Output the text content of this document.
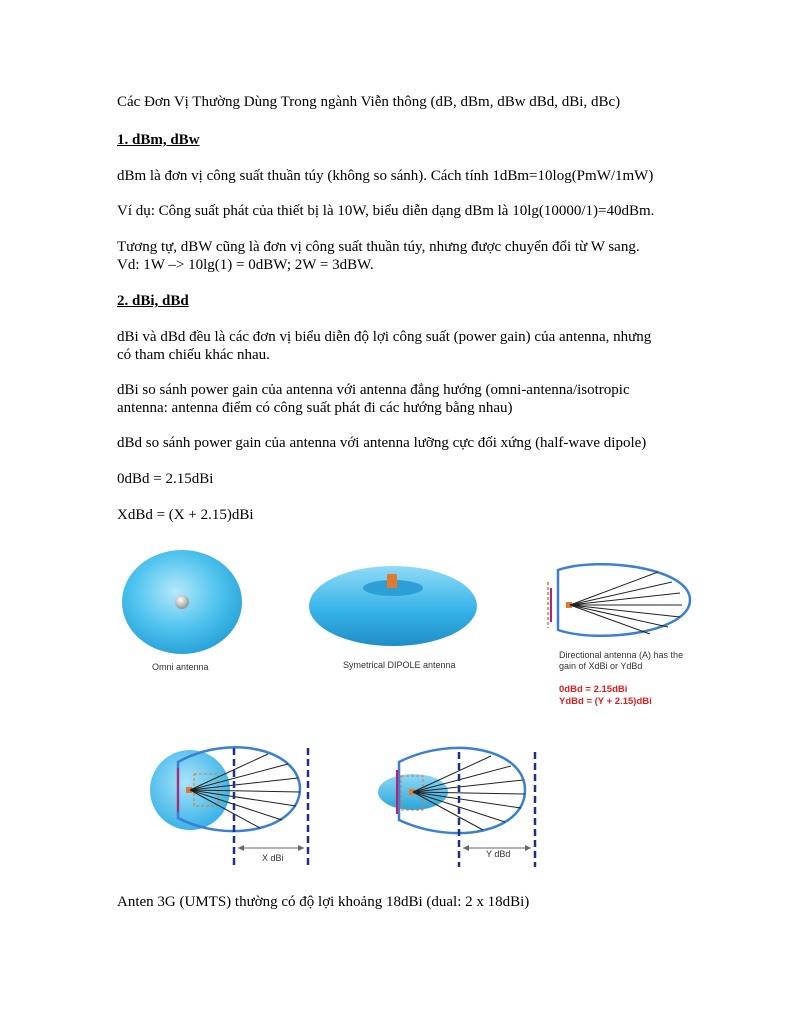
Các Đơn Vị Thường Dùng Trong ngành Viễn thông (dB, dBm, dBw dBd, dBi, dBc)
1. dBm, dBw
dBm là đơn vị công suất thuần túy (không so sánh). Cách tính 1dBm=10log(PmW/1mW)
Ví dụ: Công suất phát của thiết bị là 10W, biểu diễn dạng dBm là 10lg(10000/1)=40dBm.
Tương tự, dBW cũng là đơn vị công suất thuần túy, nhưng được chuyển đổi từ W sang.
Vd: 1W –> 10lg(1) = 0dBW; 2W = 3dBW.
2. dBi, dBd
dBi và dBd đều là các đơn vị biểu diễn độ lợi công suất (power gain) của antenna, nhưng
có tham chiếu khác nhau.
dBi so sánh power gain của antenna với antenna đẳng hướng (omni-antenna/isotropic
antenna: antenna điểm có công suất phát đi các hướng bằng nhau)
dBd so sánh power gain của antenna với antenna lưỡng cực đối xứng (half-wave dipole)
0dBd = 2.15dBi
XdBd = (X + 2.15)dBi
Omni antenna	Symetrical DIPOLE antenna
Directional antenna (A) has the
gain of XdBi or YdBd
0dBd = 2.15dBi
YdBd = (Y + 2.15)dBi
X dBi	Y dBd
Anten 3G (UMTS) thường có độ lợi khoảng 18dBi (dual: 2 x 18dBi)
